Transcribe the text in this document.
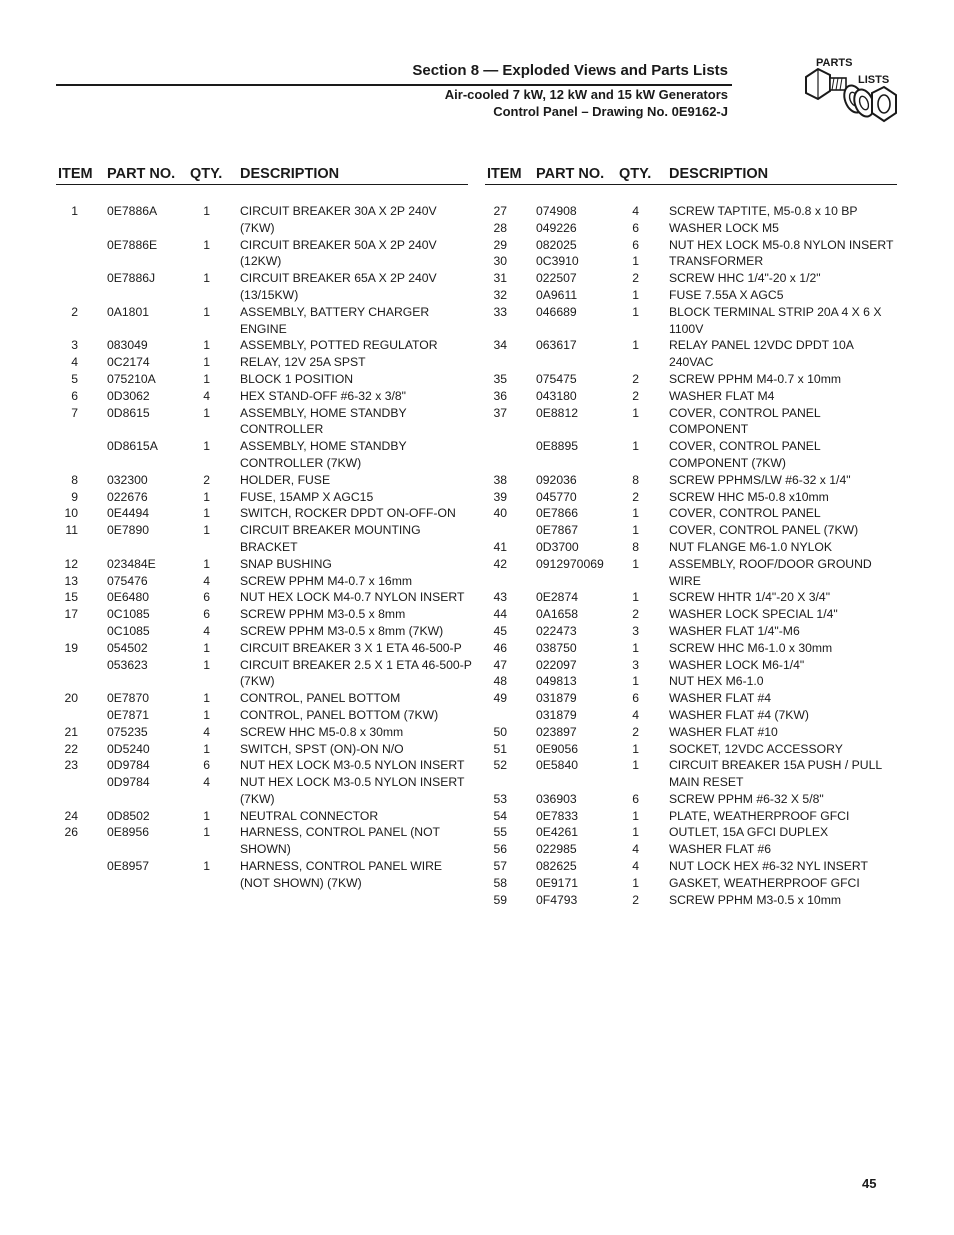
Section 8 — Exploded Views and Parts Lists
Air-cooled 7 kW, 12 kW and 15 kW Generators
Control Panel – Drawing No. 0E9162-J
PARTS
LISTS
ITEM PART NO. QTY. DESCRIPTION
1 0E7886A	1 CIRCUIT BREAKER 30A X 2P 240V (7KW)
0E7886E	1 CIRCUIT BREAKER 50A X 2P 240V (12KW)
0E7886J	1 CIRCUIT BREAKER 65A X 2P 240V (13/15KW)
2 0A1801	1 ASSEMBLY, BATTERY CHARGER ENGINE
3 083049	1 ASSEMBLY, POTTED REGULATOR
4 0C2174	1 RELAY, 12V 25A SPST
5 075210A	1 BLOCK 1 POSITION
6 0D3062	4 HEX STAND-OFF #6-32 x 3/8"
7 0D8615	1 ASSEMBLY, HOME STANDBY CONTROLLER
0D8615A	1 ASSEMBLY, HOME STANDBY CONTROLLER (7KW)
8 032300	2 HOLDER, FUSE
9 022676	1 FUSE, 15AMP X AGC15
10 0E4494	1 SWITCH, ROCKER DPDT ON-OFF-ON
11 0E7890	1 CIRCUIT BREAKER MOUNTING BRACKET
12 023484E	1 SNAP BUSHING
13 075476	4 SCREW PPHM M4-0.7 x 16mm
15 0E6480	6 NUT HEX LOCK M4-0.7 NYLON INSERT
17 0C1085	6 SCREW PPHM M3-0.5 x 8mm
0C1085	4 SCREW PPHM M3-0.5 x 8mm (7KW)
19 054502	1 CIRCUIT BREAKER 3 X 1 ETA 46-500-P
053623	1 CIRCUIT BREAKER 2.5 X 1 ETA 46-500-P (7KW)
20 0E7870	1 CONTROL, PANEL BOTTOM
0E7871	1 CONTROL, PANEL BOTTOM (7KW)
21 075235	4 SCREW HHC M5-0.8 x 30mm
22 0D5240	1 SWITCH, SPST (ON)-ON N/O
23 0D9784	6 NUT HEX LOCK M3-0.5 NYLON INSERT
0D9784	4 NUT HEX LOCK M3-0.5 NYLON INSERT (7KW)
24 0D8502	1 NEUTRAL CONNECTOR
26 0E8956	1 HARNESS, CONTROL PANEL (NOT SHOWN)
0E8957	1 HARNESS, CONTROL PANEL WIRE (NOT SHOWN) (7KW)
ITEM PART NO. QTY. DESCRIPTION
27 074908	4 SCREW TAPTITE, M5-0.8 x 10 BP
28 049226	6 WASHER LOCK M5
29 082025	6 NUT HEX LOCK M5-0.8 NYLON INSERT
30 0C3910	1 TRANSFORMER
31 022507	2 SCREW HHC 1/4"-20 x 1/2"
32 0A9611	1 FUSE 7.55A X AGC5
33 046689	1 BLOCK TERMINAL STRIP 20A 4 X 6 X 1100V
34 063617	1 RELAY PANEL 12VDC DPDT 10A 240VAC
35 075475	2 SCREW PPHM M4-0.7 x 10mm
36 043180	2 WASHER FLAT M4
37 0E8812	1 COVER, CONTROL PANEL COMPONENT
0E8895	1 COVER, CONTROL PANEL COMPONENT (7KW)
38 092036	8 SCREW PPHMS/LW #6-32 x 1/4"
39 045770	2 SCREW HHC M5-0.8 x10mm
40 0E7866	1 COVER, CONTROL PANEL
0E7867	1 COVER, CONTROL PANEL (7KW)
41 0D3700	8 NUT FLANGE M6-1.0 NYLOK
42 0912970069	1 ASSEMBLY, ROOF/DOOR GROUND WIRE
43 0E2874	1 SCREW HHTR 1/4"-20 X 3/4"
44 0A1658	2 WASHER LOCK SPECIAL 1/4"
45 022473	3 WASHER FLAT 1/4"-M6
46 038750	1 SCREW HHC M6-1.0 x 30mm
47 022097	3 WASHER LOCK M6-1/4"
48 049813	1 NUT HEX M6-1.0
49 031879	6 WASHER FLAT #4
031879	4 WASHER FLAT #4 (7KW)
50 023897	2 WASHER FLAT #10
51 0E9056	1 SOCKET, 12VDC ACCESSORY
52 0E5840	1 CIRCUIT BREAKER 15A PUSH / PULL MAIN RESET
53 036903	6 SCREW PPHM #6-32 X 5/8"
54 0E7833	1 PLATE, WEATHERPROOF GFCI
55 0E4261	1 OUTLET, 15A GFCI DUPLEX
56 022985	4 WASHER FLAT #6
57 082625	4 NUT LOCK HEX #6-32 NYL INSERT
58 0E9171	1 GASKET, WEATHERPROOF GFCI
59 0F4793	2 SCREW PPHM M3-0.5 x 10mm
45
